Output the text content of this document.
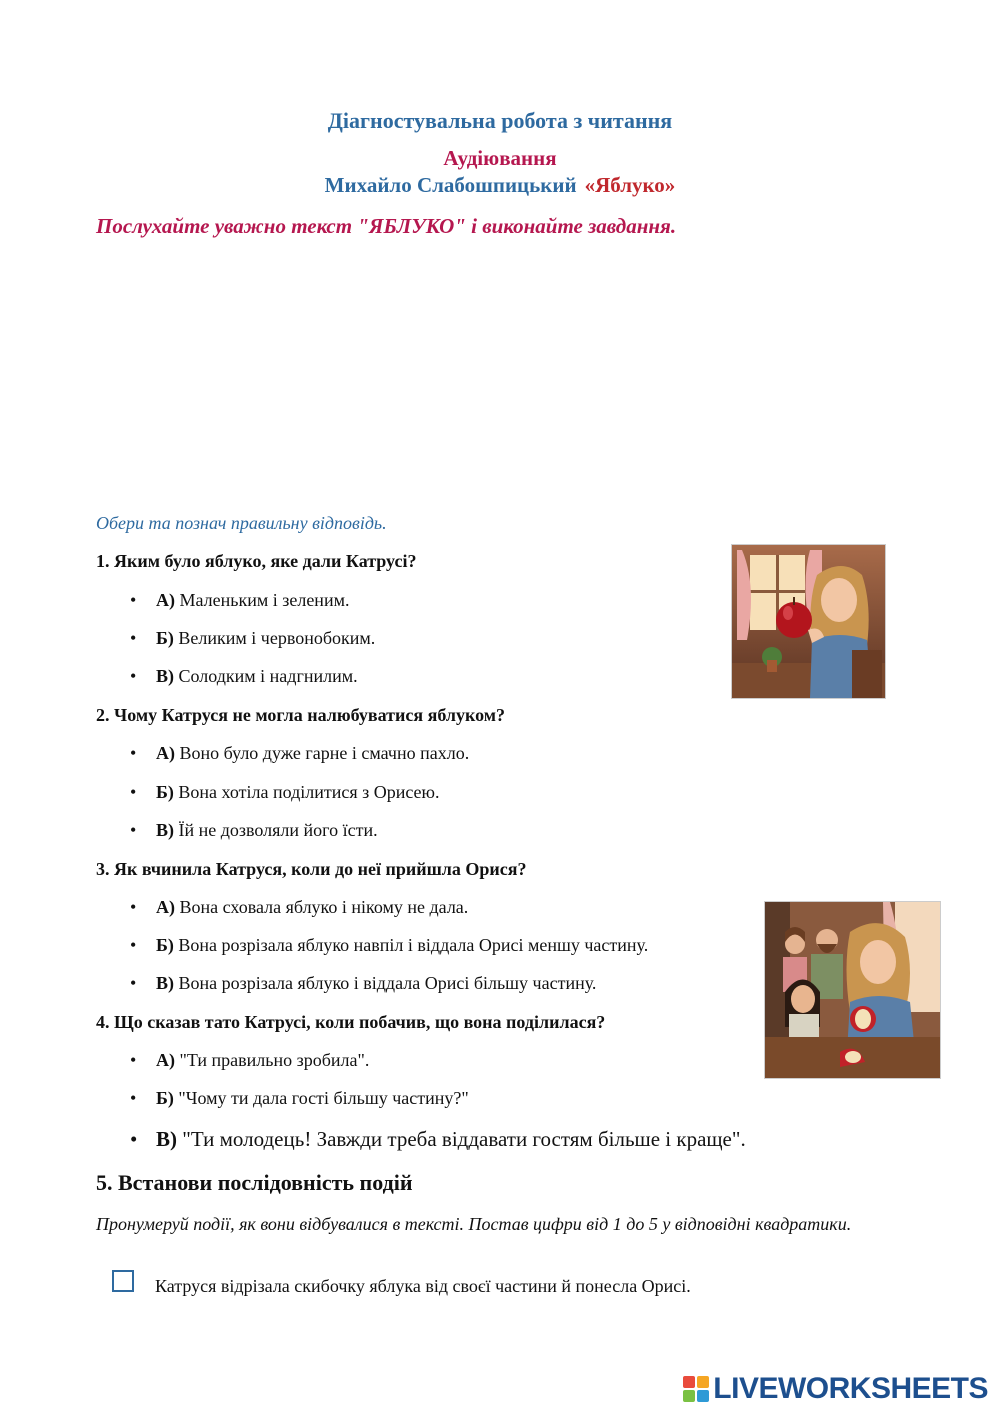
Діагностувальна робота з читання
Аудіювання
Михайло Слабошпицький «Яблуко»
Послухайте уважно текст "ЯБЛУКО" і виконайте завдання.
Обери та познач правильну відповідь.
1. Яким було яблуко, яке дали Катрусі?
• А) Маленьким і зеленим.
• Б) Великим і червонобоким.
• В) Солодким і надгнилим.
2. Чому Катруся не могла налюбуватися яблуком?
• А) Воно було дуже гарне і смачно пахло.
• Б) Вона хотіла поділитися з Орисею.
• В) Їй не дозволяли його їсти.
3. Як вчинила Катруся, коли до неї прийшла Орися?
• А) Вона сховала яблуко і нікому не дала.
• Б) Вона розрізала яблуко навпіл і віддала Орисі меншу частину.
• В) Вона розрізала яблуко і віддала Орисі більшу частину.
4. Що сказав тато Катрусі, коли побачив, що вона поділилася?
• А) "Ти правильно зробила".
• Б) "Чому ти дала гості більшу частину?"
• В) "Ти молодець! Завжди треба віддавати гостям більше і краще".
5. Встанови послідовність подій
Пронумеруй події, як вони відбувалися в тексті. Постав цифри від 1 до 5 у відповідні квадратики.
Катруся відрізала скибочку яблука від своєї частини й понесла Орисі.
LIVEWORKSHEETS
